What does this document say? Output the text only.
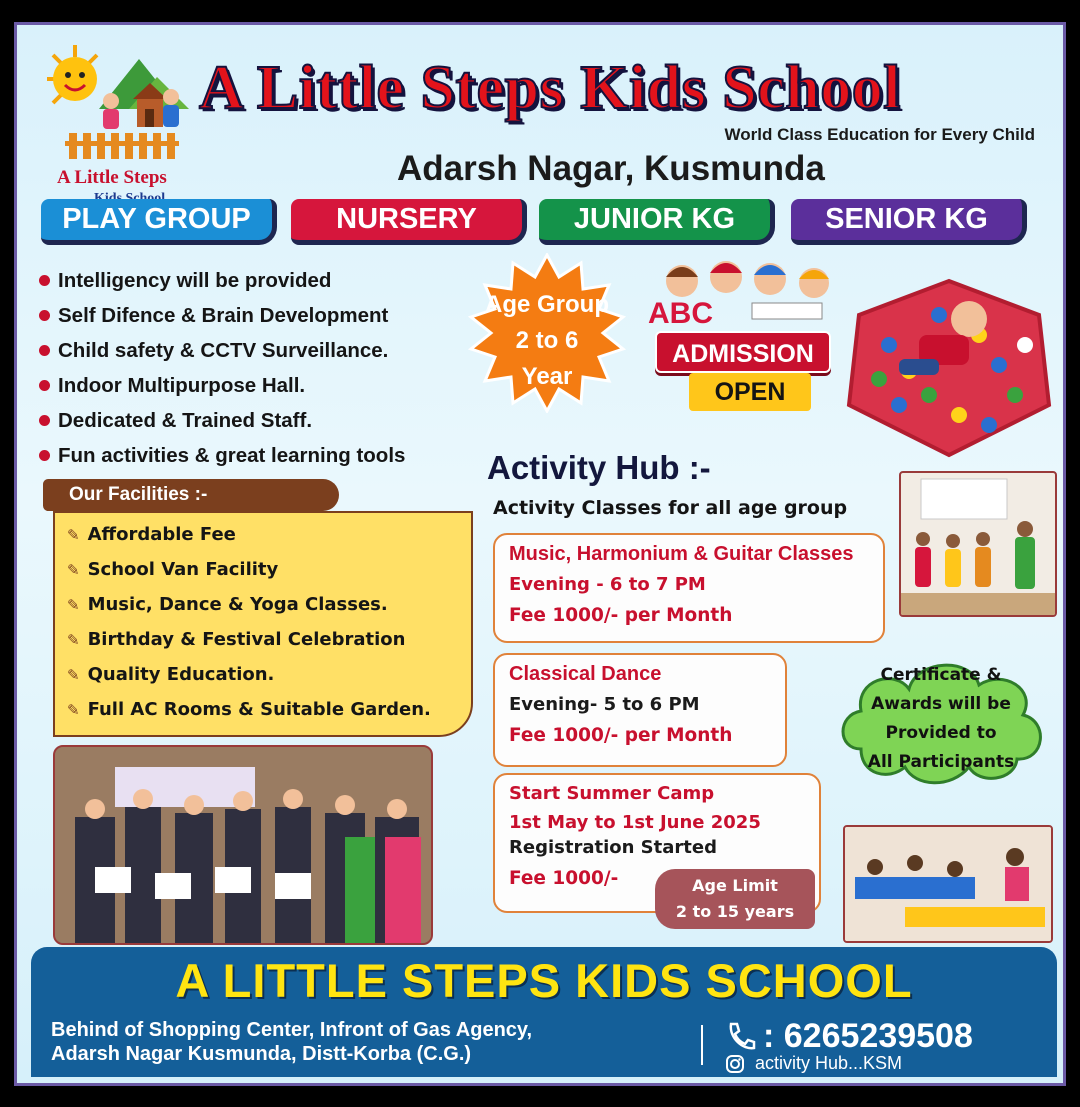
A Little Steps
A Little Steps Kids School
World Class Education for Every Child
Adarsh Nagar, Kusmunda
PLAY GROUP	NURSERY	JUNIOR KG	SENIOR KG
Intelligency will be provided
Self Difence & Brain Development
Child safety & CCTV Surveillance.
Indoor Multipurpose Hall.
Dedicated & Trained Staff.
Fun activities & great learning tools
Age Group
2 to 6
Year
ABC
ADMISSION
OPEN
Activity Hub :-
Activity Classes for all age group
Our Facilities :-
✎ Affordable Fee
✎ School Van Facility
✎ Music, Dance & Yoga Classes.
✎ Birthday & Festival Celebration
✎ Quality Education.
✎ Full AC Rooms & Suitable Garden.
Music, Harmonium & Guitar Classes
Evening - 6 to 7 PM
Fee 1000/- per Month
Classical Dance
Evening- 5 to 6 PM
Fee 1000/- per Month
Start Summer Camp
1st May to 1st June 2025
Registration Started
Fee 1000/-	Age Limit
2 to 15 years
Certificate &
Awards will be
Provided to
All Participants
A LITTLE STEPS KIDS SCHOOL
Behind of Shopping Center, Infront of Gas Agency,
Adarsh Nagar Kusmunda, Distt-Korba (C.G.)	: 6265239508
activity Hub...KSM
